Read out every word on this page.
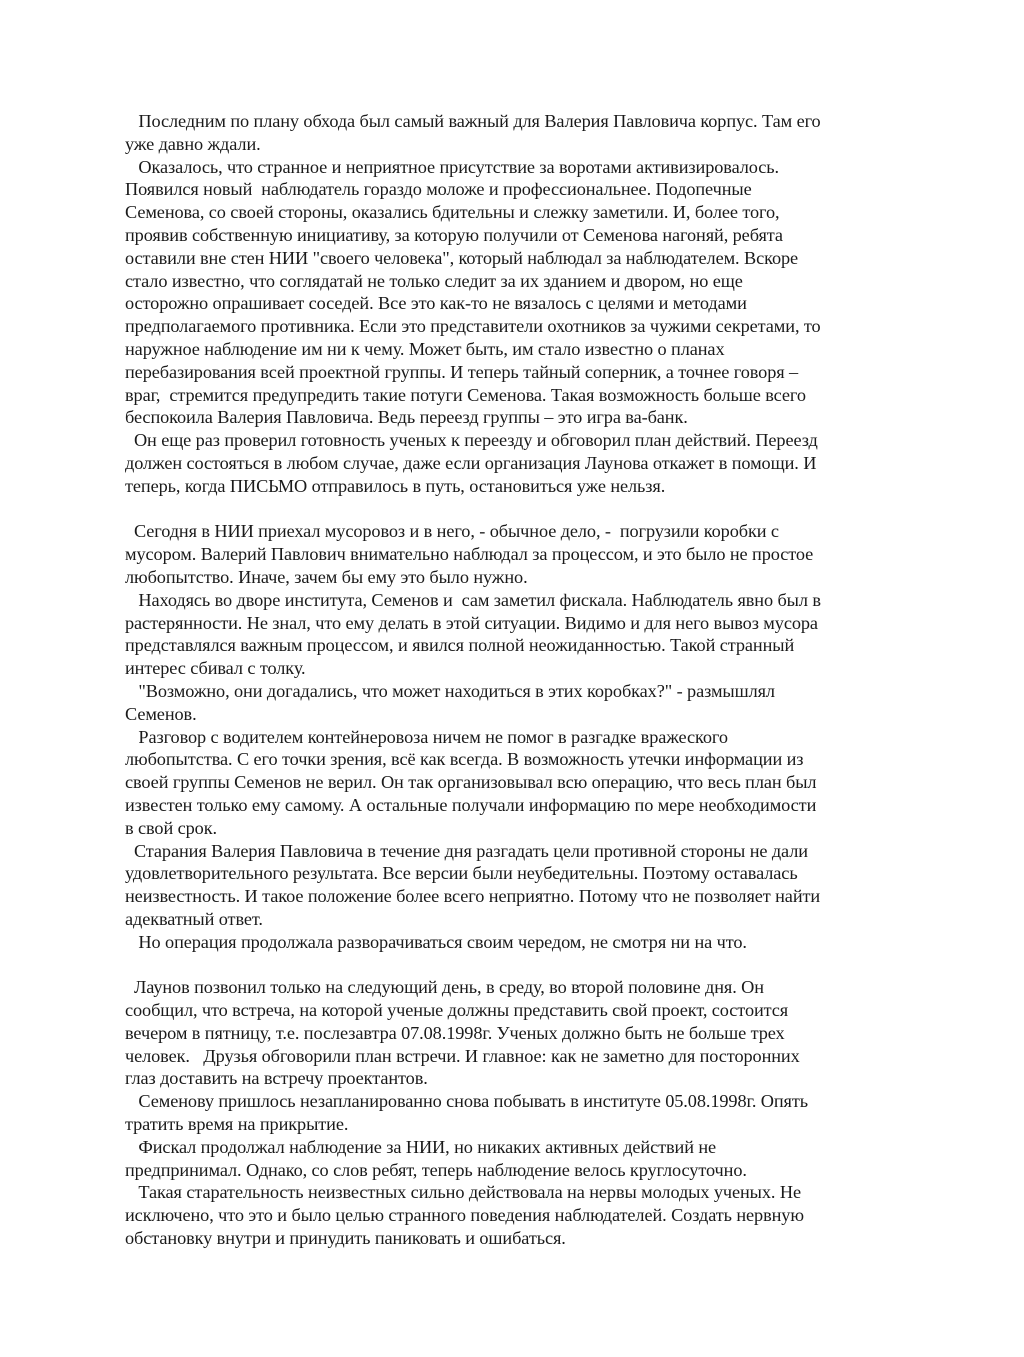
Последним по плану обхода был самый важный для Валерия Павловича корпус. Там его
уже давно ждали.
Оказалось, что странное и неприятное присутствие за воротами активизировалось.
Появился новый  наблюдатель гораздо моложе и профессиональнее. Подопечные
Семенова, со своей стороны, оказались бдительны и слежку заметили. И, более того,
проявив собственную инициативу, за которую получили от Семенова нагоняй, ребята
оставили вне стен НИИ "своего человека", который наблюдал за наблюдателем. Вскоре
стало известно, что соглядатай не только следит за их зданием и двором, но еще
осторожно опрашивает соседей. Все это как-то не вязалось с целями и методами
предполагаемого противника. Если это представители охотников за чужими секретами, то
наружное наблюдение им ни к чему. Может быть, им стало известно о планах
перебазирования всей проектной группы. И теперь тайный соперник, а точнее говоря –
враг,  стремится предупредить такие потуги Семенова. Такая возможность больше всего
беспокоила Валерия Павловича. Ведь переезд группы – это игра ва-банк.
Он еще раз проверил готовность ученых к переезду и обговорил план действий. Переезд
должен состояться в любом случае, даже если организация Лаунова откажет в помощи. И
теперь, когда ПИСЬМО отправилось в путь, остановиться уже нельзя.
Сегодня в НИИ приехал мусоровоз и в него, - обычное дело, -  погрузили коробки с
мусором. Валерий Павлович внимательно наблюдал за процессом, и это было не простое
любопытство. Иначе, зачем бы ему это было нужно.
Находясь во дворе института, Семенов и  сам заметил фискала. Наблюдатель явно был в
растерянности. Не знал, что ему делать в этой ситуации. Видимо и для него вывоз мусора
представлялся важным процессом, и явился полной неожиданностью. Такой странный
интерес сбивал с толку.
"Возможно, они догадались, что может находиться в этих коробках?" - размышлял
Семенов.
Разговор с водителем контейнеровоза ничем не помог в разгадке вражеского
любопытства. С его точки зрения, всё как всегда. В возможность утечки информации из
своей группы Семенов не верил. Он так организовывал всю операцию, что весь план был
известен только ему самому. А остальные получали информацию по мере необходимости
в свой срок.
Старания Валерия Павловича в течение дня разгадать цели противной стороны не дали
удовлетворительного результата. Все версии были неубедительны. Поэтому оставалась
неизвестность. И такое положение более всего неприятно. Потому что не позволяет найти
адекватный ответ.
Но операция продолжала разворачиваться своим чередом, не смотря ни на что.
Лаунов позвонил только на следующий день, в среду, во второй половине дня. Он
сообщил, что встреча, на которой ученые должны представить свой проект, состоится
вечером в пятницу, т.е. послезавтра 07.08.1998г. Ученых должно быть не больше трех
человек.   Друзья обговорили план встречи. И главное: как не заметно для посторонних
глаз доставить на встречу проектантов.
Семенову пришлось незапланированно снова побывать в институте 05.08.1998г. Опять
тратить время на прикрытие.
Фискал продолжал наблюдение за НИИ, но никаких активных действий не
предпринимал. Однако, со слов ребят, теперь наблюдение велось круглосуточно.
Такая старательность неизвестных сильно действовала на нервы молодых ученых. Не
исключено, что это и было целью странного поведения наблюдателей. Создать нервную
обстановку внутри и принудить паниковать и ошибаться.
